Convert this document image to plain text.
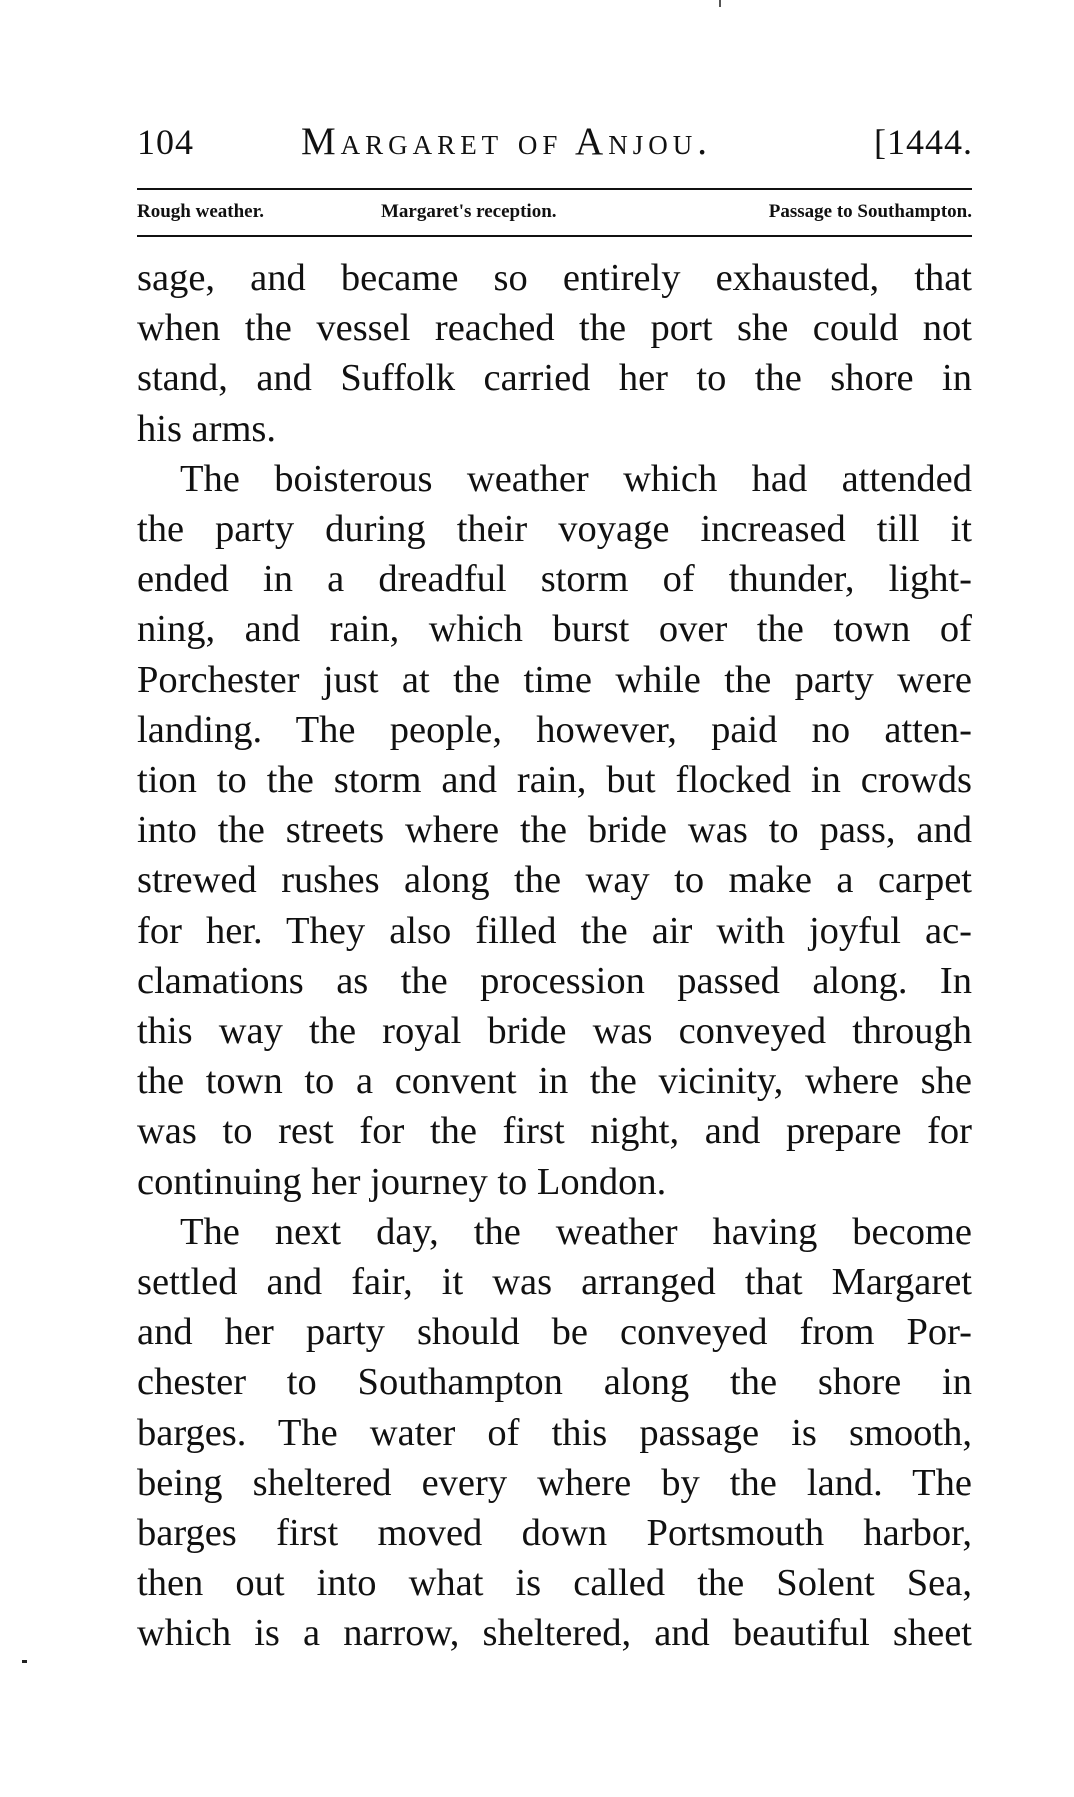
104	Margaret of Anjou.	[1444.
Rough weather.	Margaret's reception.	Passage to Southampton.

sage, and became so entirely exhausted, that
when the vessel reached the port she could not
stand, and Suffolk carried her to the shore in
his arms.

The boisterous weather which had attended
the party during their voyage increased till it
ended in a dreadful storm of thunder, light-
ning, and rain, which burst over the town of
Porchester just at the time while the party were
landing. The people, however, paid no atten-
tion to the storm and rain, but flocked in crowds
into the streets where the bride was to pass, and
strewed rushes along the way to make a carpet
for her. They also filled the air with joyful ac-
clamations as the procession passed along. In
this way the royal bride was conveyed through
the town to a convent in the vicinity, where she
was to rest for the first night, and prepare for
continuing her journey to London.

The next day, the weather having become
settled and fair, it was arranged that Margaret
and her party should be conveyed from Por-
chester to Southampton along the shore in
barges. The water of this passage is smooth,
being sheltered every where by the land. The
barges first moved down Portsmouth harbor,
then out into what is called the Solent Sea,
which is a narrow, sheltered, and beautiful sheet
